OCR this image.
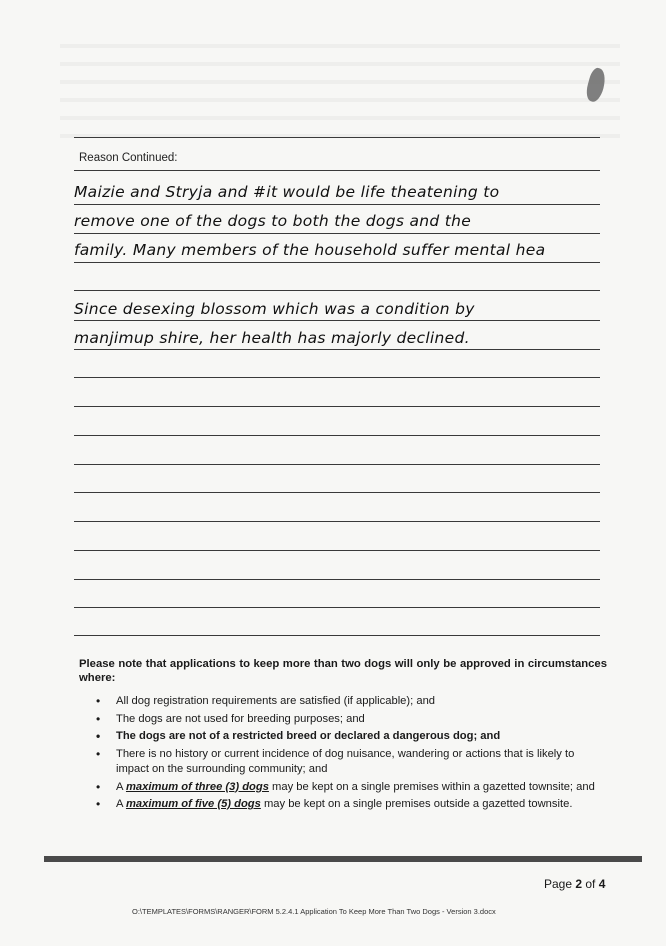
Reason Continued:
Maizie and Stryja and #it would be life theatening to
remove one of the dogs to both the dogs and the
family. Many members of the household suffer mental hea
Since desexing blossom which was a condition by
manjimup shire, her health has majorly declined.
Please note that applications to keep more than two dogs will only be approved in circumstances where:
• All dog registration requirements are satisfied (if applicable); and
• The dogs are not used for breeding purposes; and
• The dogs are not of a restricted breed or declared a dangerous dog; and
• There is no history or current incidence of dog nuisance, wandering or actions that is likely to impact on the surrounding community; and
• A maximum of three (3) dogs may be kept on a single premises within a gazetted townsite; and
• A maximum of five (5) dogs may be kept on a single premises outside a gazetted townsite.
Page 2 of 4
O:\TEMPLATES\FORMS\RANGER\FORM 5.2.4.1 Application To Keep More Than Two Dogs - Version 3.docx
